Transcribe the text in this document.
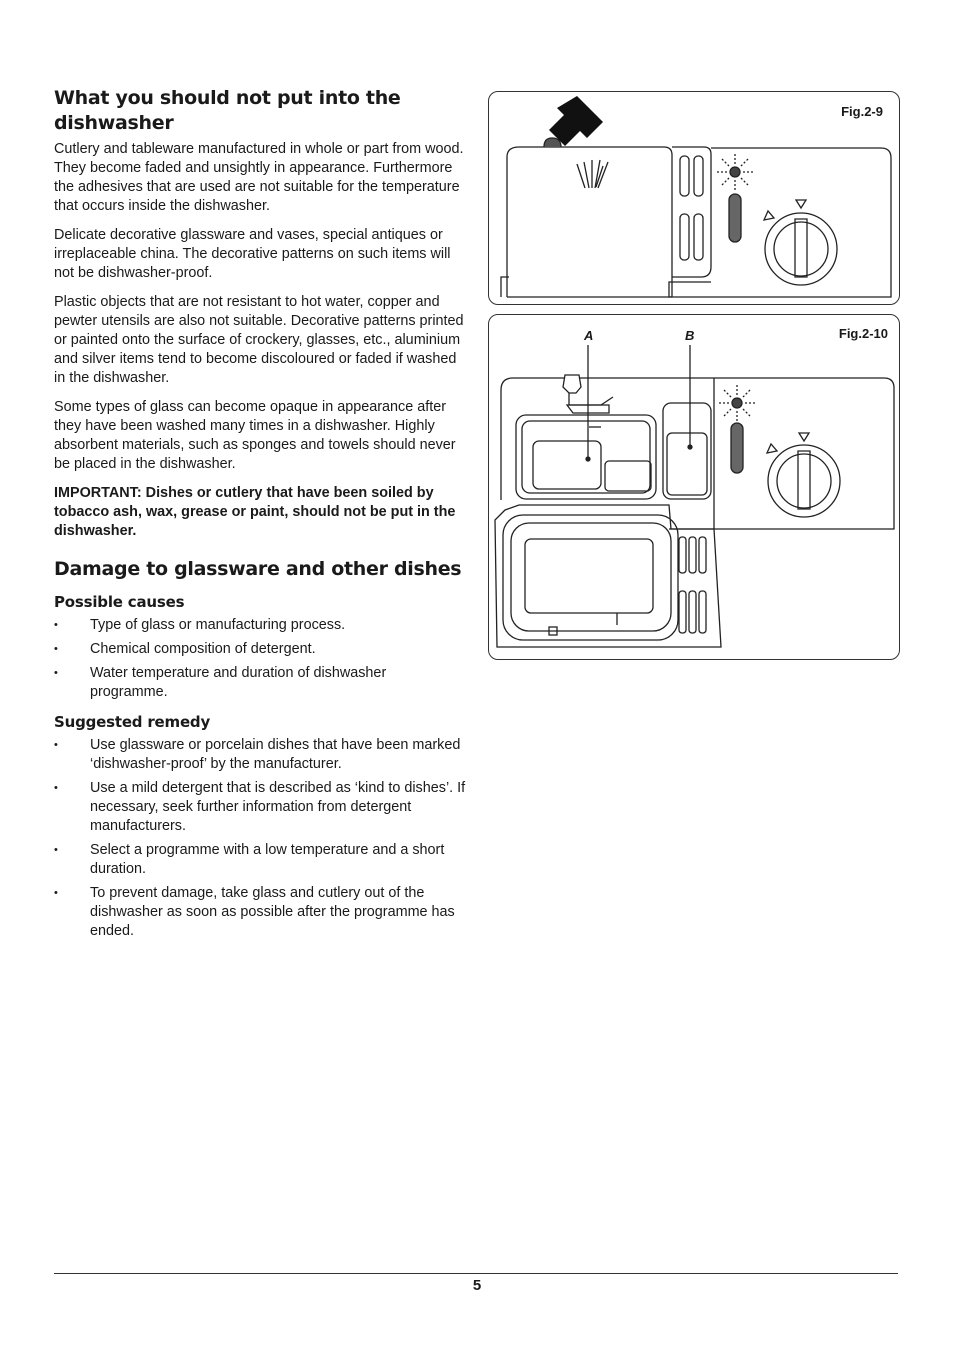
What you should not put into the dishwasher

Cutlery and tableware manufactured in whole or part from wood. They become faded and unsightly in appearance. Furthermore the adhesives that are used are not suitable for the temperature that occurs inside the dishwasher.

Delicate decorative glassware and vases, special antiques or irreplaceable china. The decorative patterns on such items will not be dishwasher-proof.

Plastic objects that are not resistant to hot water, copper and pewter utensils are also not suitable. Decorative patterns printed or painted onto the surface of crockery, glasses, etc., aluminium and silver items tend to become discoloured or faded if washed in the dishwasher.

Some types of glass can become opaque in appearance after they have been washed many times in a dishwasher. Highly absorbent materials, such as sponges and towels should never be placed in the dishwasher.

IMPORTANT: Dishes or cutlery that have been soiled by tobacco ash, wax, grease or paint, should not be put in the dishwasher.

Damage to glassware and other dishes
Possible causes
• Type of glass or manufacturing process.
• Chemical composition of detergent.
• Water temperature and duration of dishwasher programme.
Suggested remedy
• Use glassware or porcelain dishes that have been marked ‘dishwasher-proof’ by the manufacturer.
• Use a mild detergent that is described as ‘kind to dishes’. If necessary, seek further information from detergent manufacturers.
• Select a programme with a low temperature and a short duration.
• To prevent damage, take glass and cutlery out of the dishwasher as soon as possible after the programme has ended.
Fig.2-9
Fig.2-10
A	B
5
